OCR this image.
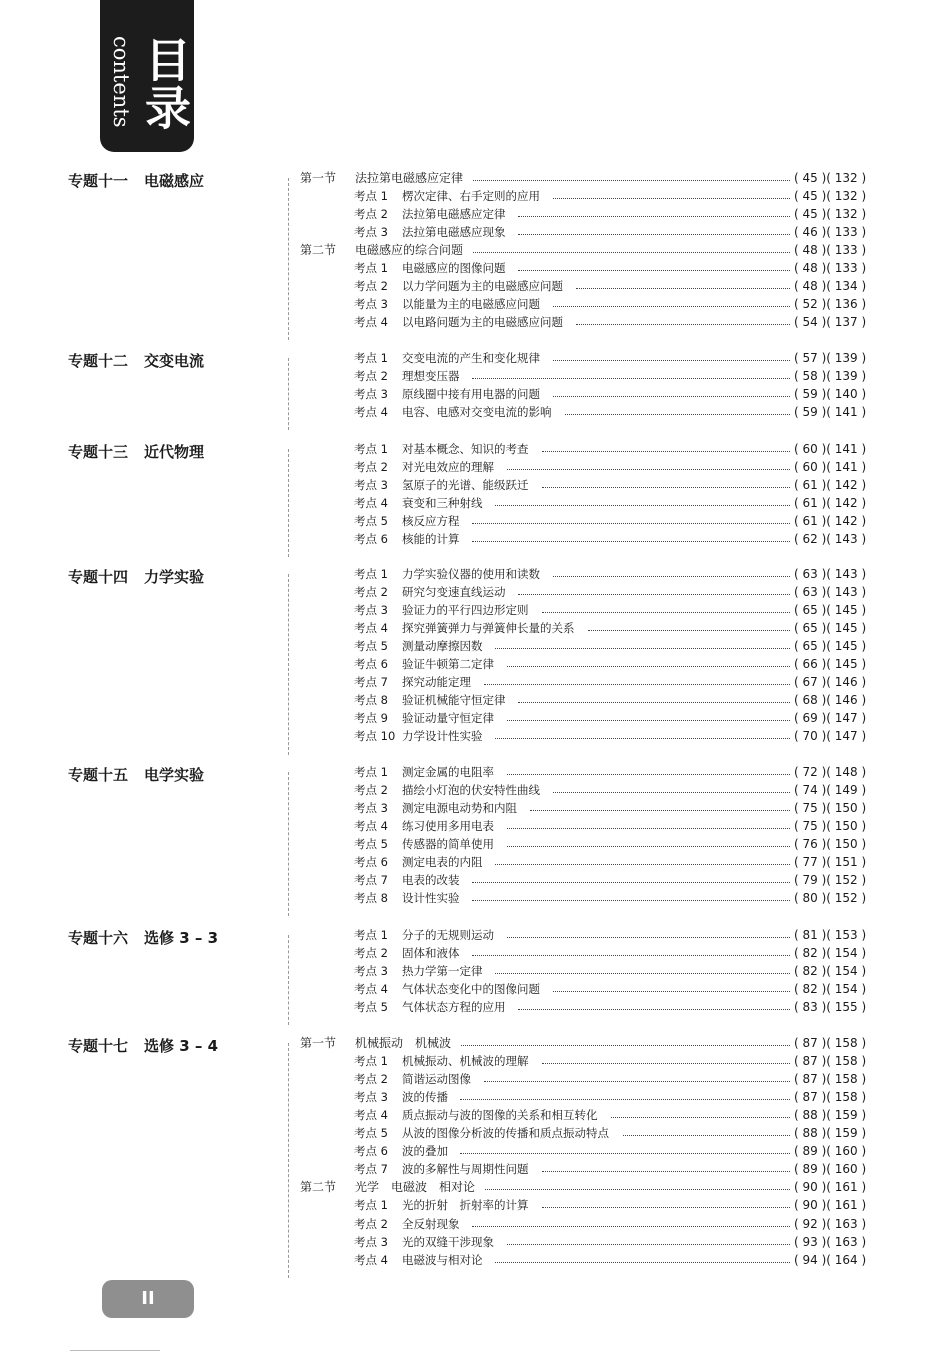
contents 目录
专题十一 电磁感应	第一节 法拉第电磁感应定律	( 45 )( 132 )
考点 1 楞次定律、右手定则的应用	( 45 )( 132 )
考点 2 法拉第电磁感应定律	( 45 )( 132 )
考点 3 法拉第电磁感应现象	( 46 )( 133 )
第二节 电磁感应的综合问题	( 48 )( 133 )
考点 1 电磁感应的图像问题	( 48 )( 133 )
考点 2 以力学问题为主的电磁感应问题	( 48 )( 134 )
考点 3 以能量为主的电磁感应问题	( 52 )( 136 )
考点 4 以电路问题为主的电磁感应问题	( 54 )( 137 )
专题十二 交变电流	考点 1 交变电流的产生和变化规律	( 57 )( 139 )
考点 2 理想变压器	( 58 )( 139 )
考点 3 原线圈中接有用电器的问题	( 59 )( 140 )
考点 4 电容、电感对交变电流的影响	( 59 )( 141 )
专题十三 近代物理	考点 1 对基本概念、知识的考查	( 60 )( 141 )
考点 2 对光电效应的理解	( 60 )( 141 )
考点 3 氢原子的光谱、能级跃迁	( 61 )( 142 )
考点 4 衰变和三种射线	( 61 )( 142 )
考点 5 核反应方程	( 61 )( 142 )
考点 6 核能的计算	( 62 )( 143 )
专题十四 力学实验	考点 1 力学实验仪器的使用和读数	( 63 )( 143 )
考点 2 研究匀变速直线运动	( 63 )( 143 )
考点 3 验证力的平行四边形定则	( 65 )( 145 )
考点 4 探究弹簧弹力与弹簧伸长量的关系	( 65 )( 145 )
考点 5 测量动摩擦因数	( 65 )( 145 )
考点 6 验证牛顿第二定律	( 66 )( 145 )
考点 7 探究动能定理	( 67 )( 146 )
考点 8 验证机械能守恒定律	( 68 )( 146 )
考点 9 验证动量守恒定律	( 69 )( 147 )
考点 10 力学设计性实验	( 70 )( 147 )
专题十五 电学实验	考点 1 测定金属的电阻率	( 72 )( 148 )
考点 2 描绘小灯泡的伏安特性曲线	( 74 )( 149 )
考点 3 测定电源电动势和内阻	( 75 )( 150 )
考点 4 练习使用多用电表	( 75 )( 150 )
考点 5 传感器的简单使用	( 76 )( 150 )
考点 6 测定电表的内阻	( 77 )( 151 )
考点 7 电表的改装	( 79 )( 152 )
考点 8 设计性实验	( 80 )( 152 )
专题十六 选修 3 – 3	考点 1 分子的无规则运动	( 81 )( 153 )
考点 2 固体和液体	( 82 )( 154 )
考点 3 热力学第一定律	( 82 )( 154 )
考点 4 气体状态变化中的图像问题	( 82 )( 154 )
考点 5 气体状态方程的应用	( 83 )( 155 )
专题十七 选修 3 – 4	第一节 机械振动　机械波	( 87 )( 158 )
考点 1 机械振动、机械波的理解	( 87 )( 158 )
考点 2 简谐运动图像	( 87 )( 158 )
考点 3 波的传播	( 87 )( 158 )
考点 4 质点振动与波的图像的关系和相互转化	( 88 )( 159 )
考点 5 从波的图像分析波的传播和质点振动特点	( 88 )( 159 )
考点 6 波的叠加	( 89 )( 160 )
考点 7 波的多解性与周期性问题	( 89 )( 160 )
第二节 光学　电磁波　相对论	( 90 )( 161 )
考点 1 光的折射　折射率的计算	( 90 )( 161 )
考点 2 全反射现象	( 92 )( 163 )
考点 3 光的双缝干涉现象	( 93 )( 163 )
考点 4 电磁波与相对论	( 94 )( 164 )
II
